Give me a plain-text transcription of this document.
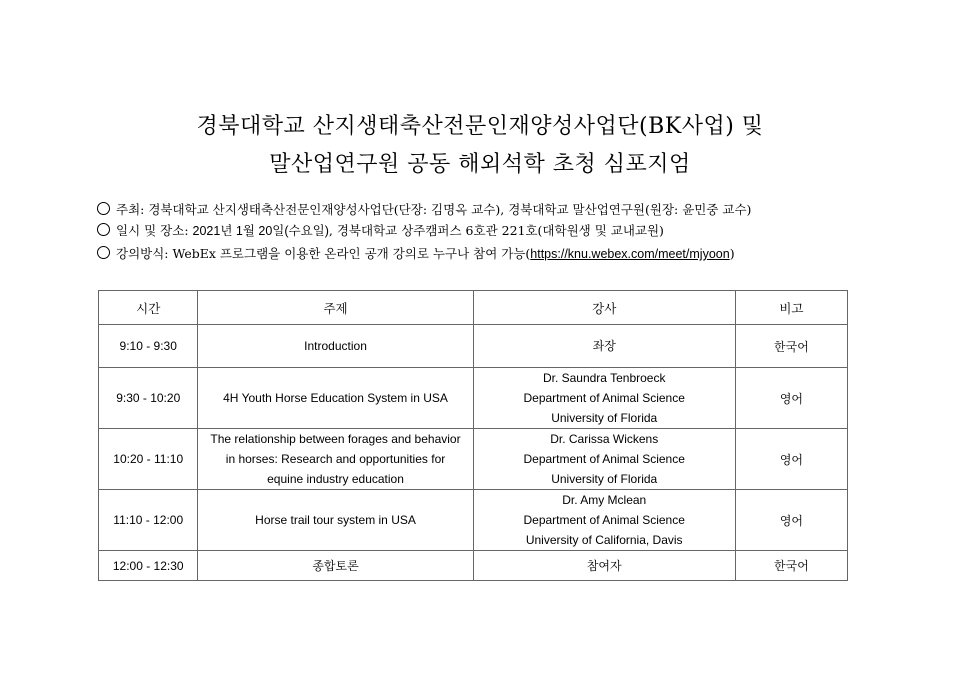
경북대학교 산지생태축산전문인재양성사업단(BK사업) 및
말산업연구원 공동 해외석학 초청 심포지엄
주최: 경북대학교 산지생태축산전문인재양성사업단(단장: 김명옥 교수), 경북대학교 말산업연구원(원장: 윤민중 교수)
일시 및 장소: 2021년 1월 20일(수요일), 경북대학교 상주캠퍼스 6호관 221호(대학원생 및 교내교원)
강의방식: WebEx 프로그램을 이용한 온라인 공개 강의로 누구나 참여 가능(https://knu.webex.com/meet/mjyoon)
시간	주제	강사	비고
9:10 - 9:30	Introduction	좌장	한국어
9:30 - 10:20	4H Youth Horse Education System in USA	Dr. Saundra Tenbroeck
Department of Animal Science
University of Florida	영어
10:20 - 11:10	The relationship between forages and behavior
in horses: Research and opportunities for
equine industry education	Dr. Carissa Wickens
Department of Animal Science
University of Florida	영어
11:10 - 12:00	Horse trail tour system in USA	Dr. Amy Mclean
Department of Animal Science
University of California, Davis	영어
12:00 - 12:30	종합토론	참여자	한국어
